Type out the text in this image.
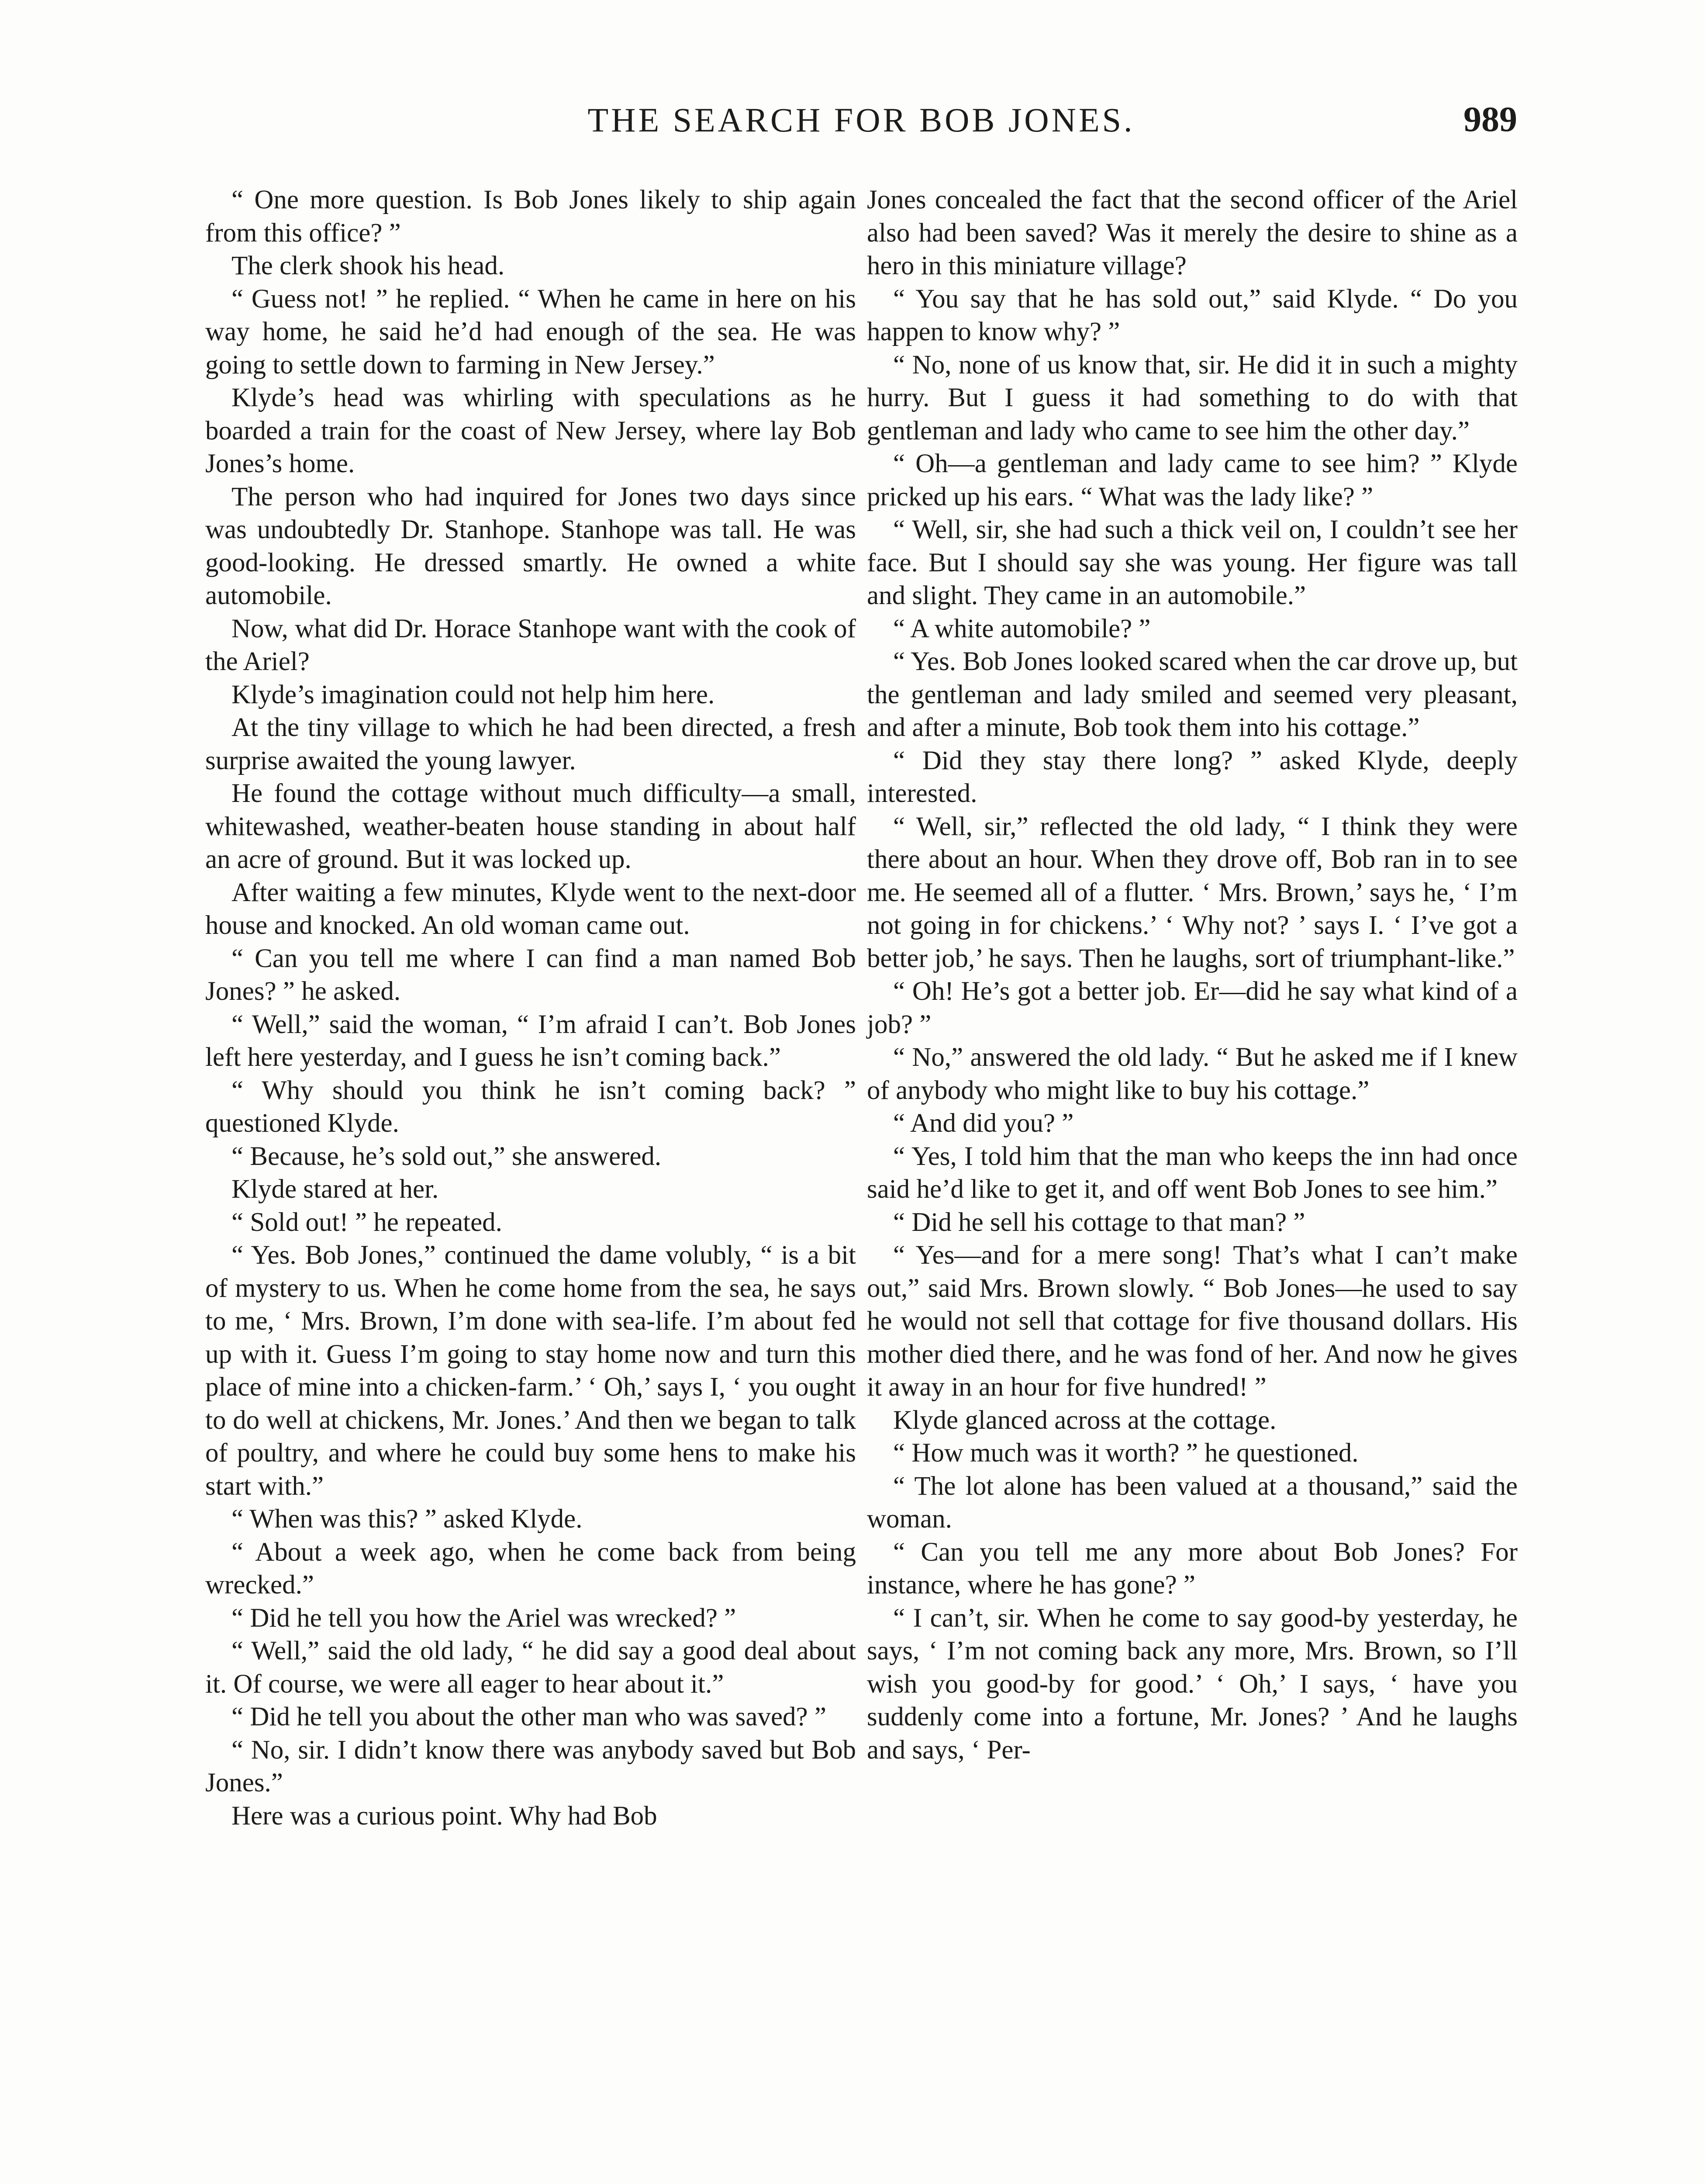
THE SEARCH FOR BOB JONES.	989

“ One more question. Is Bob Jones likely to ship again from this office? ”

The clerk shook his head.

“ Guess not! ” he replied. “ When he came in here on his way home, he said he’d had enough of the sea. He was going to settle down to farming in New Jersey.”

Klyde’s head was whirling with speculations as he boarded a train for the coast of New Jersey, where lay Bob Jones’s home.

The person who had inquired for Jones two days since was undoubtedly Dr. Stanhope. Stanhope was tall. He was good-looking. He dressed smartly. He owned a white automobile.

Now, what did Dr. Horace Stanhope want with the cook of the Ariel?

Klyde’s imagination could not help him here.

At the tiny village to which he had been directed, a fresh surprise awaited the young lawyer.

He found the cottage without much difficulty—a small, whitewashed, weather-beaten house standing in about half an acre of ground. But it was locked up.

After waiting a few minutes, Klyde went to the next-door house and knocked. An old woman came out.

“ Can you tell me where I can find a man named Bob Jones? ” he asked.

“ Well,” said the woman, “ I’m afraid I can’t. Bob Jones left here yesterday, and I guess he isn’t coming back.”

“ Why should you think he isn’t coming back? ” questioned Klyde.

“ Because, he’s sold out,” she answered.

Klyde stared at her.

“ Sold out! ” he repeated.

“ Yes. Bob Jones,” continued the dame volubly, “ is a bit of mystery to us. When he come home from the sea, he says to me, ‘ Mrs. Brown, I’m done with sea-life. I’m about fed up with it. Guess I’m going to stay home now and turn this place of mine into a chicken-farm.’ ‘ Oh,’ says I, ‘ you ought to do well at chickens, Mr. Jones.’ And then we began to talk of poultry, and where he could buy some hens to make his start with.”

“ When was this? ” asked Klyde.

“ About a week ago, when he come back from being wrecked.”

“ Did he tell you how the Ariel was wrecked? ”

“ Well,” said the old lady, “ he did say a good deal about it. Of course, we were all eager to hear about it.”

“ Did he tell you about the other man who was saved? ”

“ No, sir. I didn’t know there was anybody saved but Bob Jones.”

Here was a curious point. Why had Bob

Jones concealed the fact that the second officer of the Ariel also had been saved? Was it merely the desire to shine as a hero in this miniature village?

“ You say that he has sold out,” said Klyde. “ Do you happen to know why? ”

“ No, none of us know that, sir. He did it in such a mighty hurry. But I guess it had something to do with that gentleman and lady who came to see him the other day.”

“ Oh—a gentleman and lady came to see him? ” Klyde pricked up his ears. “ What was the lady like? ”

“ Well, sir, she had such a thick veil on, I couldn’t see her face. But I should say she was young. Her figure was tall and slight. They came in an automobile.”

“ A white automobile? ”

“ Yes. Bob Jones looked scared when the car drove up, but the gentleman and lady smiled and seemed very pleasant, and after a minute, Bob took them into his cottage.”

“ Did they stay there long? ” asked Klyde, deeply interested.

“ Well, sir,” reflected the old lady, “ I think they were there about an hour. When they drove off, Bob ran in to see me. He seemed all of a flutter. ‘ Mrs. Brown,’ says he, ‘ I’m not going in for chickens.’ ‘ Why not? ’ says I. ‘ I’ve got a better job,’ he says. Then he laughs, sort of triumphant-like.”

“ Oh! He’s got a better job. Er—did he say what kind of a job? ”

“ No,” answered the old lady. “ But he asked me if I knew of anybody who might like to buy his cottage.”

“ And did you? ”

“ Yes, I told him that the man who keeps the inn had once said he’d like to get it, and off went Bob Jones to see him.”

“ Did he sell his cottage to that man? ”

“ Yes—and for a mere song! That’s what I can’t make out,” said Mrs. Brown slowly. “ Bob Jones—he used to say he would not sell that cottage for five thousand dollars. His mother died there, and he was fond of her. And now he gives it away in an hour for five hundred! ”

Klyde glanced across at the cottage.

“ How much was it worth? ” he questioned.

“ The lot alone has been valued at a thousand,” said the woman.

“ Can you tell me any more about Bob Jones? For instance, where he has gone? ”

“ I can’t, sir. When he come to say good-by yesterday, he says, ‘ I’m not coming back any more, Mrs. Brown, so I’ll wish you good-by for good.’ ‘ Oh,’ I says, ‘ have you suddenly come into a fortune, Mr. Jones? ’ And he laughs and says, ‘ Per-
